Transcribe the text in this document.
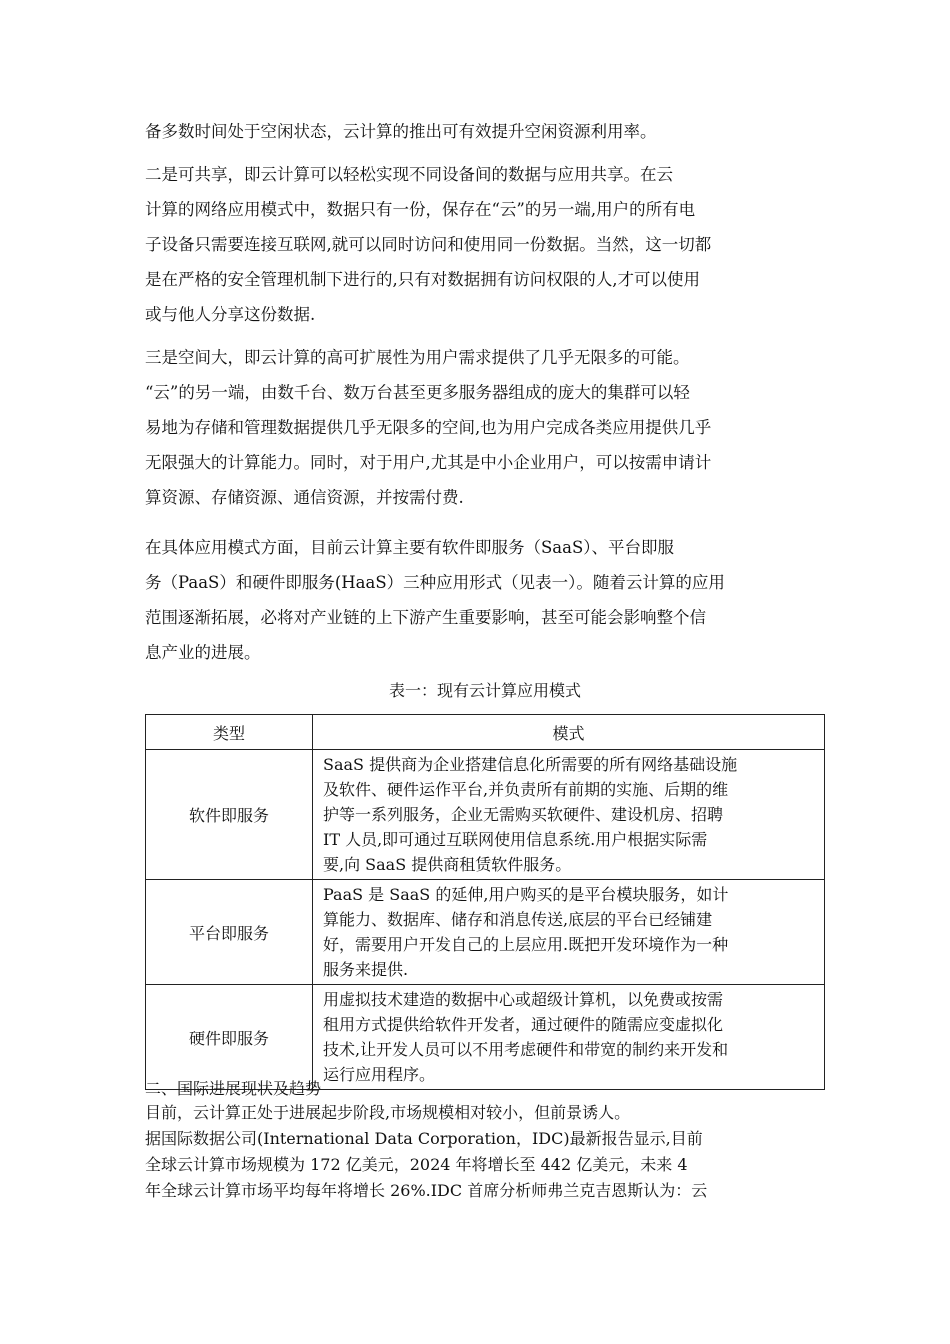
备多数时间处于空闲状态，云计算的推出可有效提升空闲资源利用率。
二是可共享，即云计算可以轻松实现不同设备间的数据与应用共享。在云
计算的网络应用模式中，数据只有一份，保存在“云”的另一端,用户的所有电
子设备只需要连接互联网,就可以同时访问和使用同一份数据。当然，这一切都
是在严格的安全管理机制下进行的,只有对数据拥有访问权限的人,才可以使用
或与他人分享这份数据.
三是空间大，即云计算的高可扩展性为用户需求提供了几乎无限多的可能。
“云”的另一端，由数千台、数万台甚至更多服务器组成的庞大的集群可以轻
易地为存储和管理数据提供几乎无限多的空间,也为用户完成各类应用提供几乎
无限强大的计算能力。同时，对于用户,尤其是中小企业用户，可以按需申请计
算资源、存储资源、通信资源，并按需付费.
在具体应用模式方面，目前云计算主要有软件即服务（SaaS）、平台即服
务（PaaS）和硬件即服务(HaaS）三种应用形式（见表一）。随着云计算的应用
范围逐渐拓展，必将对产业链的上下游产生重要影响，甚至可能会影响整个信
息产业的进展。
表一：现有云计算应用模式
类型	模式
软件即服务	SaaS 提供商为企业搭建信息化所需要的所有网络基础设施
及软件、硬件运作平台,并负责所有前期的实施、后期的维
护等一系列服务，企业无需购买软硬件、建设机房、招聘
IT 人员,即可通过互联网使用信息系统.用户根据实际需
要,向 SaaS 提供商租赁软件服务。

平台即服务	PaaS 是 SaaS 的延伸,用户购买的是平台模块服务，如计
算能力、数据库、储存和消息传送,底层的平台已经铺建
好，需要用户开发自己的上层应用.既把开发环境作为一种
服务来提供.

硬件即服务	用虚拟技术建造的数据中心或超级计算机，以免费或按需
租用方式提供给软件开发者，通过硬件的随需应变虚拟化
技术,让开发人员可以不用考虑硬件和带宽的制约来开发和
运行应用程序。
二、国际进展现状及趋势
目前，云计算正处于进展起步阶段,市场规模相对较小，但前景诱人。
据国际数据公司(International Data Corporation，IDC)最新报告显示,目前
全球云计算市场规模为 172 亿美元，2024 年将增长至 442 亿美元，未来 4
年全球云计算市场平均每年将增长 26%.IDC 首席分析师弗兰克吉恩斯认为：云
